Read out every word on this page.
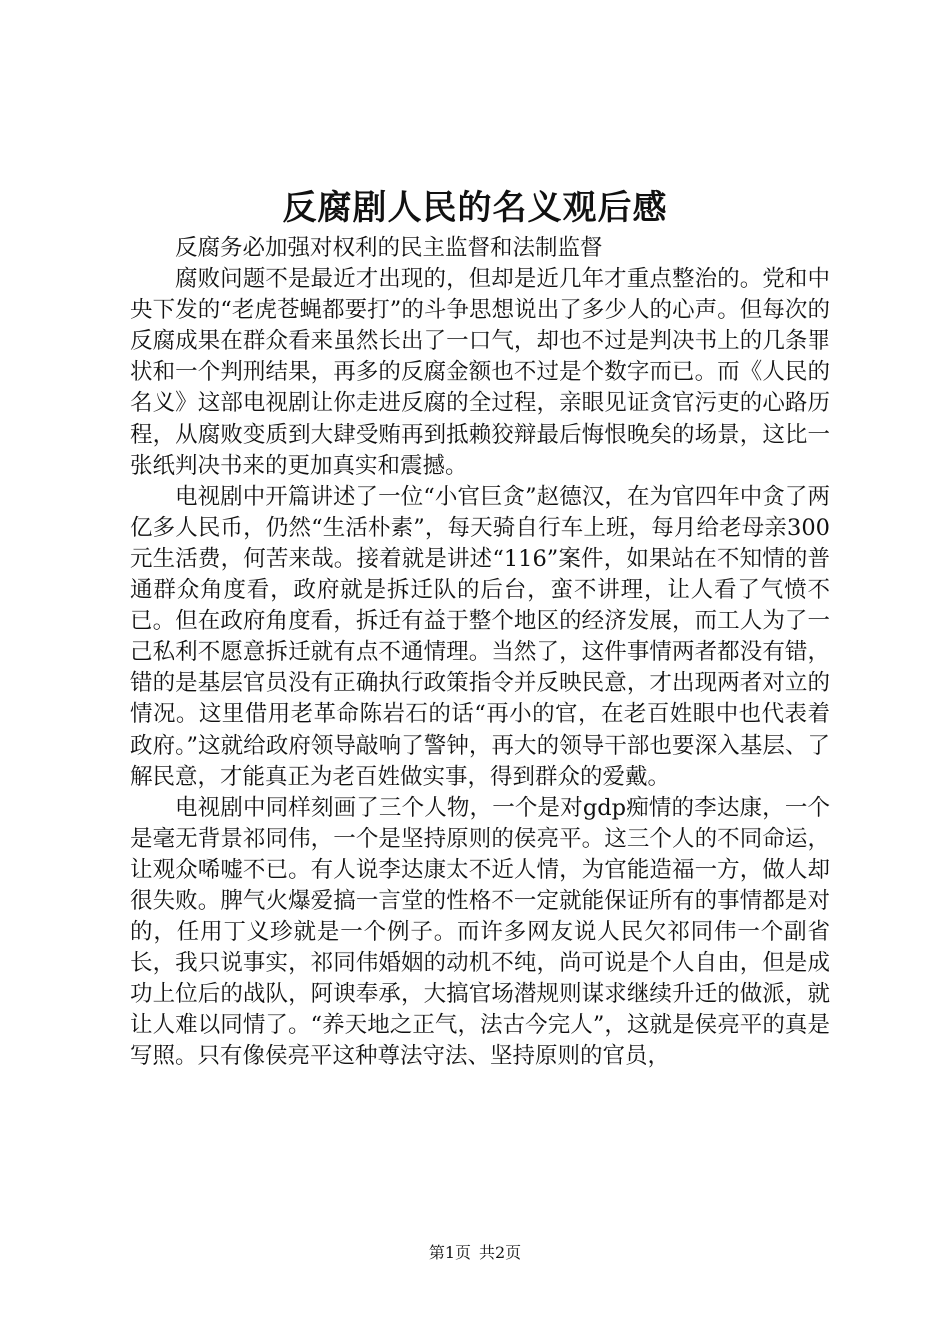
反腐剧人民的名义观后感

反腐务必加强对权利的民主监督和法制监督

腐败问题不是最近才出现的，但却是近几年才重点整治的。党和中央下发的“老虎苍蝇都要打”的斗争思想说出了多少人的心声。但每次的反腐成果在群众看来虽然长出了一口气，却也不过是判决书上的几条罪状和一个判刑结果，再多的反腐金额也不过是个数字而已。而《人民的名义》这部电视剧让你走进反腐的全过程，亲眼见证贪官污吏的心路历程，从腐败变质到大肆受贿再到抵赖狡辩最后悔恨晚矣的场景，这比一张纸判决书来的更加真实和震撼。

电视剧中开篇讲述了一位“小官巨贪”赵德汉，在为官四年中贪了两亿多人民币，仍然“生活朴素”，每天骑自行车上班，每月给老母亲300元生活费，何苦来哉。接着就是讲述“116”案件，如果站在不知情的普通群众角度看，政府就是拆迁队的后台，蛮不讲理，让人看了气愤不已。但在政府角度看，拆迁有益于整个地区的经济发展，而工人为了一己私利不愿意拆迁就有点不通情理。当然了，这件事情两者都没有错，错的是基层官员没有正确执行政策指令并反映民意，才出现两者对立的情况。这里借用老革命陈岩石的话“再小的官，在老百姓眼中也代表着政府。”这就给政府领导敲响了警钟，再大的领导干部也要深入基层、了解民意，才能真正为老百姓做实事，得到群众的爱戴。

电视剧中同样刻画了三个人物，一个是对gdp痴情的李达康，一个是毫无背景祁同伟，一个是坚持原则的侯亮平。这三个人的不同命运，让观众唏嘘不已。有人说李达康太不近人情，为官能造福一方，做人却很失败。脾气火爆爱搞一言堂的性格不一定就能保证所有的事情都是对的，任用丁义珍就是一个例子。而许多网友说人民欠祁同伟一个副省长，我只说事实，祁同伟婚姻的动机不纯，尚可说是个人自由，但是成功上位后的战队，阿谀奉承，大搞官场潜规则谋求继续升迁的做派，就让人难以同情了。“养天地之正气，法古今完人”，这就是侯亮平的真是写照。只有像侯亮平这种尊法守法、坚持原则的官员，

第1页 共2页
